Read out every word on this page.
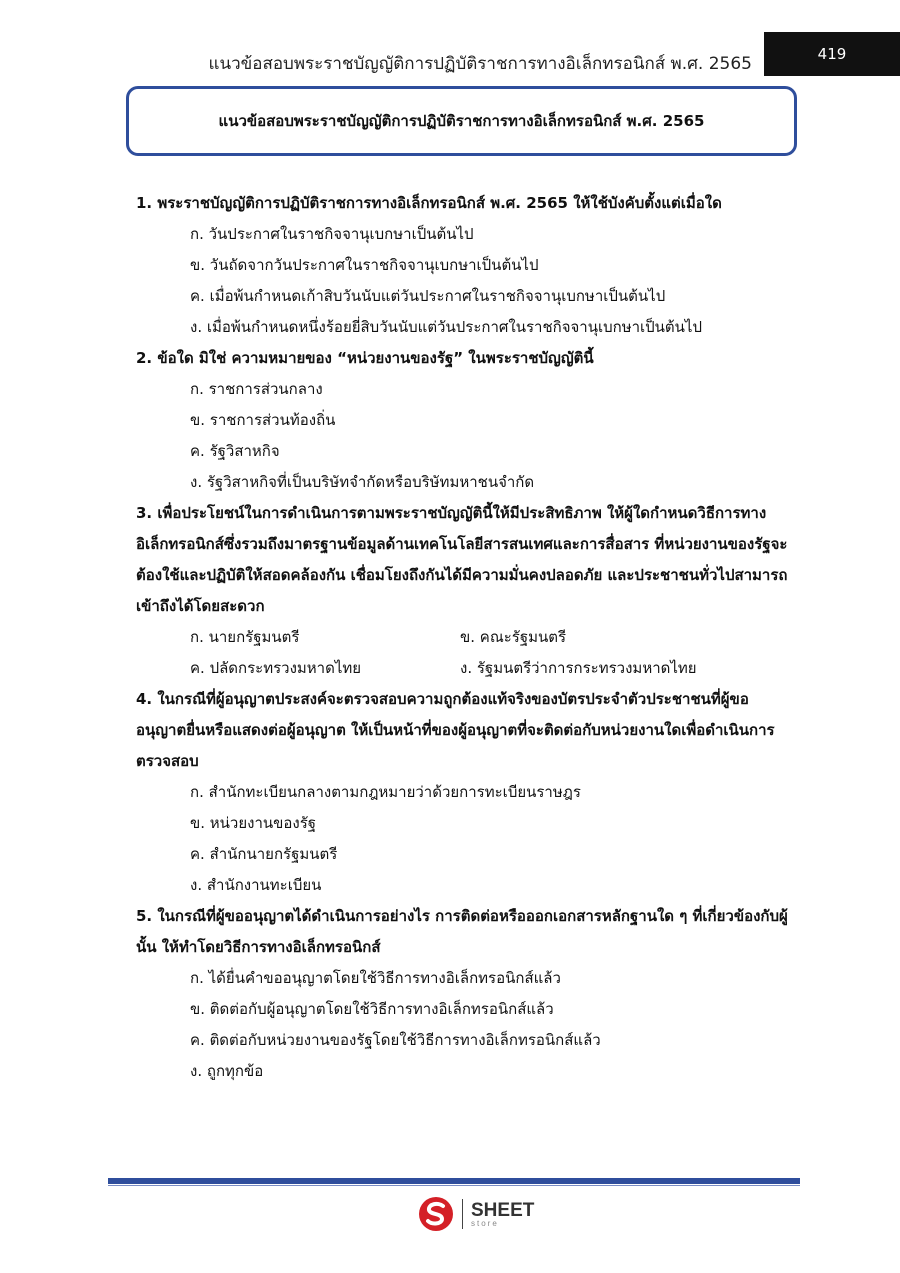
แนวข้อสอบพระราชบัญญัติการปฏิบัติราชการทางอิเล็กทรอนิกส์ พ.ศ. 2565	419
แนวข้อสอบพระราชบัญญัติการปฏิบัติราชการทางอิเล็กทรอนิกส์ พ.ศ. 2565
1. พระราชบัญญัติการปฏิบัติราชการทางอิเล็กทรอนิกส์ พ.ศ. 2565 ให้ใช้บังคับตั้งแต่เมื่อใด
ก. วันประกาศในราชกิจจานุเบกษาเป็นต้นไป
ข. วันถัดจากวันประกาศในราชกิจจานุเบกษาเป็นต้นไป
ค. เมื่อพ้นกำหนดเก้าสิบวันนับแต่วันประกาศในราชกิจจานุเบกษาเป็นต้นไป
ง. เมื่อพ้นกำหนดหนึ่งร้อยยี่สิบวันนับแต่วันประกาศในราชกิจจานุเบกษาเป็นต้นไป
2. ข้อใด มิใช่ ความหมายของ “หน่วยงานของรัฐ” ในพระราชบัญญัตินี้
ก. ราชการส่วนกลาง
ข. ราชการส่วนท้องถิ่น
ค. รัฐวิสาหกิจ
ง. รัฐวิสาหกิจที่เป็นบริษัทจำกัดหรือบริษัทมหาชนจำกัด
3. เพื่อประโยชน์ในการดำเนินการตามพระราชบัญญัตินี้ให้มีประสิทธิภาพ ให้ผู้ใดกำหนดวิธีการทางอิเล็กทรอนิกส์ซึ่งรวมถึงมาตรฐานข้อมูลด้านเทคโนโลยีสารสนเทศและการสื่อสาร ที่หน่วยงานของรัฐจะต้องใช้และปฏิบัติให้สอดคล้องกัน เชื่อมโยงถึงกันได้มีความมั่นคงปลอดภัย และประชาชนทั่วไปสามารถเข้าถึงได้โดยสะดวก
ก. นายกรัฐมนตรี	ข. คณะรัฐมนตรี
ค. ปลัดกระทรวงมหาดไทย	ง. รัฐมนตรีว่าการกระทรวงมหาดไทย
4. ในกรณีที่ผู้อนุญาตประสงค์จะตรวจสอบความถูกต้องแท้จริงของบัตรประจำตัวประชาชนที่ผู้ขออนุญาตยื่นหรือแสดงต่อผู้อนุญาต ให้เป็นหน้าที่ของผู้อนุญาตที่จะติดต่อกับหน่วยงานใดเพื่อดำเนินการตรวจสอบ
ก. สำนักทะเบียนกลางตามกฎหมายว่าด้วยการทะเบียนราษฎร
ข. หน่วยงานของรัฐ
ค. สำนักนายกรัฐมนตรี
ง. สำนักงานทะเบียน
5. ในกรณีที่ผู้ขออนุญาตได้ดำเนินการอย่างไร การติดต่อหรือออกเอกสารหลักฐานใด ๆ ที่เกี่ยวข้องกับผู้นั้น ให้ทำโดยวิธีการทางอิเล็กทรอนิกส์
ก. ได้ยื่นคำขออนุญาตโดยใช้วิธีการทางอิเล็กทรอนิกส์แล้ว
ข. ติดต่อกับผู้อนุญาตโดยใช้วิธีการทางอิเล็กทรอนิกส์แล้ว
ค. ติดต่อกับหน่วยงานของรัฐโดยใช้วิธีการทางอิเล็กทรอนิกส์แล้ว
ง. ถูกทุกข้อ
SHEET
store
